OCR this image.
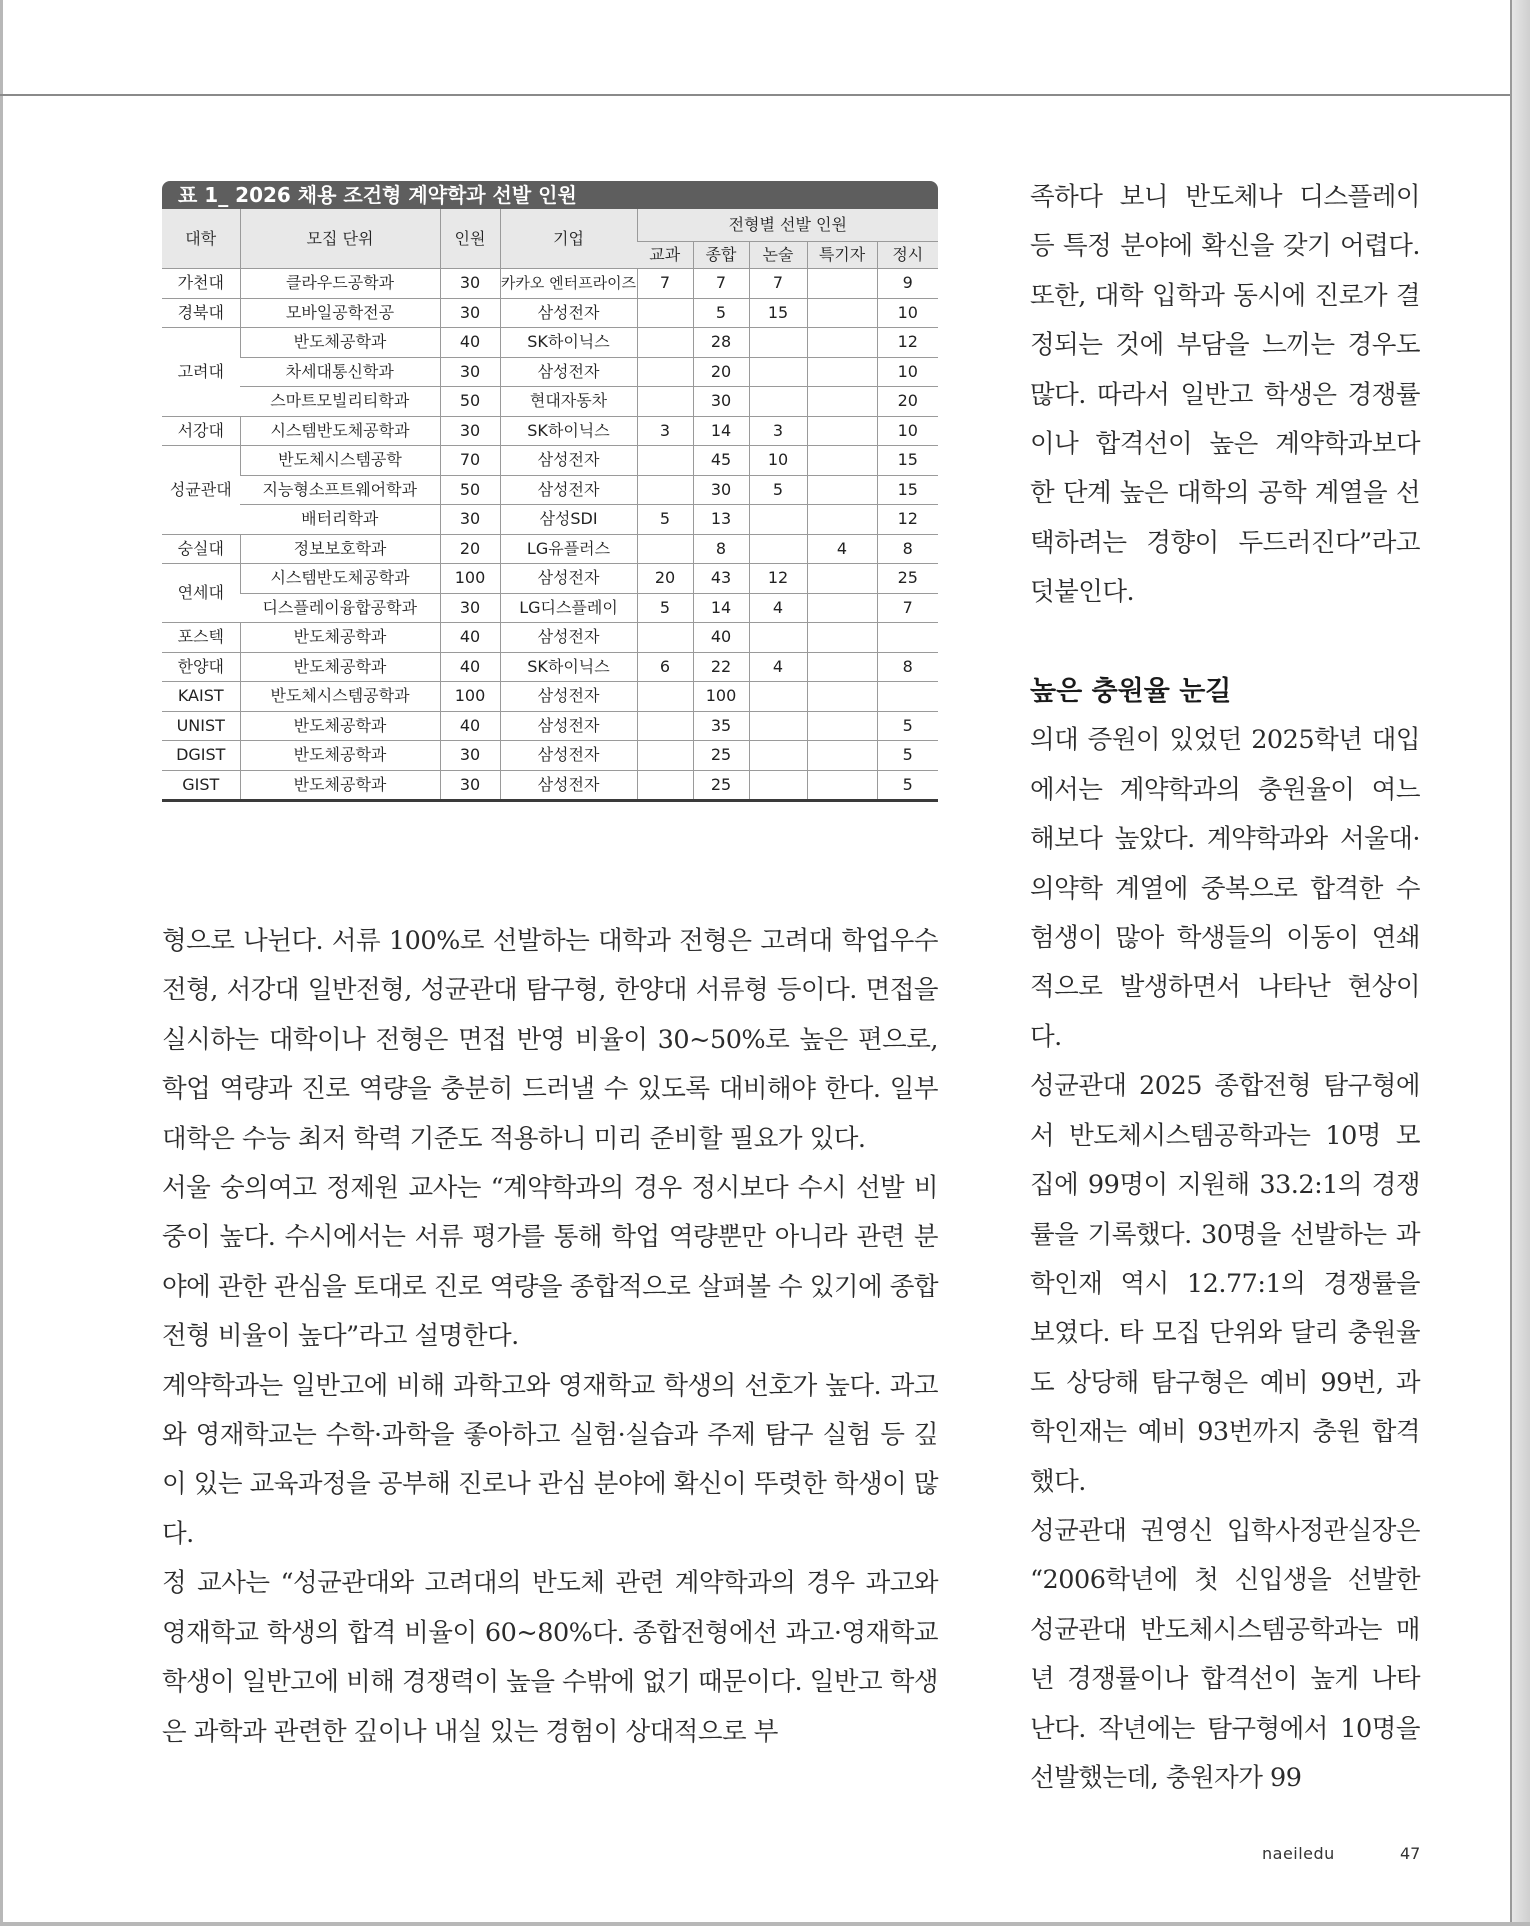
표 1_ 2026 채용 조건형 계약학과 선발 인원
대학	모집 단위	인원	기업	전형별 선발 인원				
				교과	종합	논술	특기자	정시
가천대	클라우드공학과	30	카카오 엔터프라이즈	7	7	7		9
경북대	모바일공학전공	30	삼성전자		5	15		10
고려대	반도체공학과	40	SK하이닉스		28			12
	차세대통신학과	30	삼성전자		20			10
	스마트모빌리티학과	50	현대자동차		30			20
서강대	시스템반도체공학과	30	SK하이닉스	3	14	3		10
성균관대	반도체시스템공학	70	삼성전자		45	10		15
	지능형소프트웨어학과	50	삼성전자		30	5		15
	배터리학과	30	삼성SDI	5	13			12
숭실대	정보보호학과	20	LG유플러스		8		4	8
연세대	시스템반도체공학과	100	삼성전자	20	43	12		25
	디스플레이융합공학과	30	LG디스플레이	5	14	4		7
포스텍	반도체공학과	40	삼성전자		40			
한양대	반도체공학과	40	SK하이닉스	6	22	4		8
KAIST	반도체시스템공학과	100	삼성전자		100			
UNIST	반도체공학과	40	삼성전자		35			5
DGIST	반도체공학과	30	삼성전자		25			5
GIST	반도체공학과	30	삼성전자		25			5

형으로 나뉜다. 서류 100%로 선발하는 대학과 전형은 고려대 학업우수전형, 서강대 일반전형, 성균관대 탐구형, 한양대 서류형 등이다. 면접을 실시하는 대학이나 전형은 면접 반영 비율이 30~50%로 높은 편으로, 학업 역량과 진로 역량을 충분히 드러낼 수 있도록 대비해야 한다. 일부 대학은 수능 최저 학력 기준도 적용하니 미리 준비할 필요가 있다.

서울 숭의여고 정제원 교사는 “계약학과의 경우 정시보다 수시 선발 비중이 높다. 수시에서는 서류 평가를 통해 학업 역량뿐만 아니라 관련 분야에 관한 관심을 토대로 진로 역량을 종합적으로 살펴볼 수 있기에 종합전형 비율이 높다”라고 설명한다.

계약학과는 일반고에 비해 과학고와 영재학교 학생의 선호가 높다. 과고와 영재학교는 수학·과학을 좋아하고 실험·실습과 주제 탐구 실험 등 깊이 있는 교육과정을 공부해 진로나 관심 분야에 확신이 뚜렷한 학생이 많다.

정 교사는 “성균관대와 고려대의 반도체 관련 계약학과의 경우 과고와 영재학교 학생의 합격 비율이 60~80%다. 종합전형에선 과고·영재학교 학생이 일반고에 비해 경쟁력이 높을 수밖에 없기 때문이다. 일반고 학생은 과학과 관련한 깊이나 내실 있는 경험이 상대적으로 부

족하다 보니 반도체나 디스플레이 등 특정 분야에 확신을 갖기 어렵다. 또한, 대학 입학과 동시에 진로가 결정되는 것에 부담을 느끼는 경우도 많다. 따라서 일반고 학생은 경쟁률이나 합격선이 높은 계약학과보다 한 단계 높은 대학의 공학 계열을 선택하려는 경향이 두드러진다”라고 덧붙인다.

높은 충원율 눈길

의대 증원이 있었던 2025학년 대입에서는 계약학과의 충원율이 여느 해보다 높았다. 계약학과와 서울대·의약학 계열에 중복으로 합격한 수험생이 많아 학생들의 이동이 연쇄적으로 발생하면서 나타난 현상이다.

성균관대 2025 종합전형 탐구형에서 반도체시스템공학과는 10명 모집에 99명이 지원해 33.2:1의 경쟁률을 기록했다. 30명을 선발하는 과학인재 역시 12.77:1의 경쟁률을 보였다. 타 모집 단위와 달리 충원율도 상당해 탐구형은 예비 99번, 과학인재는 예비 93번까지 충원 합격했다.

성균관대 권영신 입학사정관실장은 “2006학년에 첫 신입생을 선발한 성균관대 반도체시스템공학과는 매년 경쟁률이나 합격선이 높게 나타난다. 작년에는 탐구형에서 10명을 선발했는데, 충원자가 99

naeiledu	47
